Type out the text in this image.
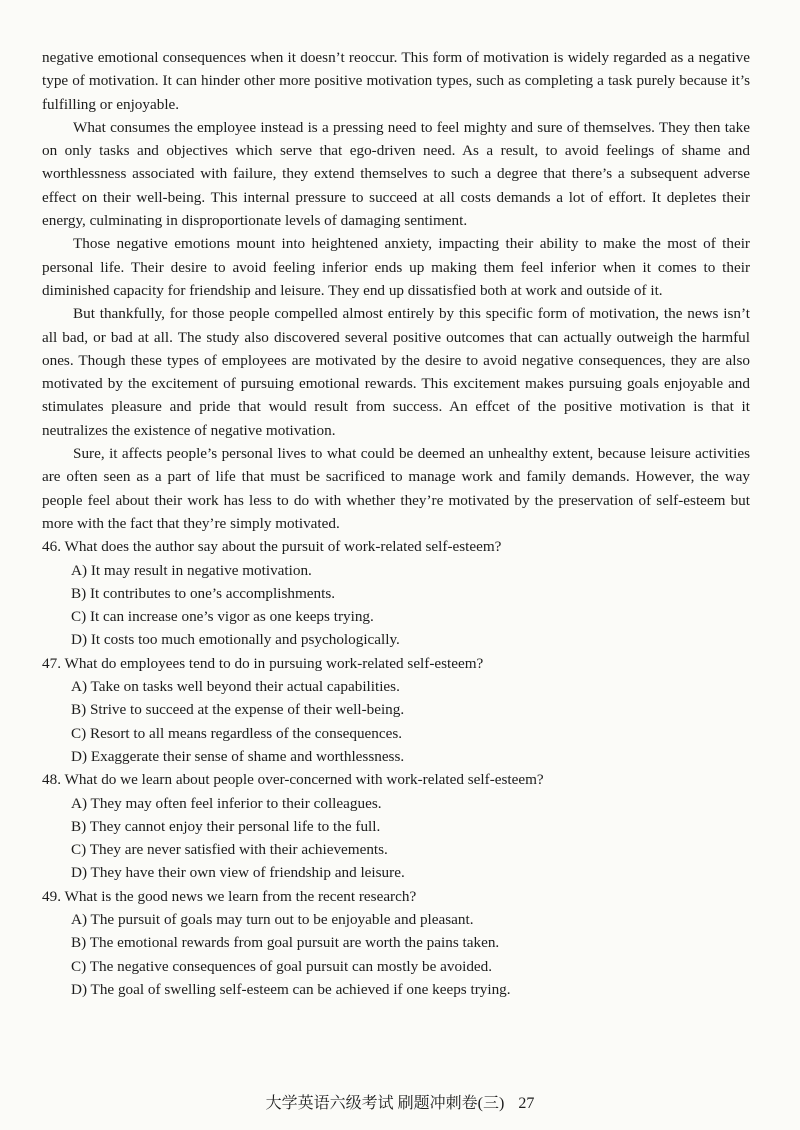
negative emotional consequences when it doesn’t reoccur. This form of motivation is widely regarded as a negative type of motivation. It can hinder other more positive motivation types, such as completing a task purely because it’s fulfilling or enjoyable.

What consumes the employee instead is a pressing need to feel mighty and sure of themselves. They then take on only tasks and objectives which serve that ego-driven need. As a result, to avoid feelings of shame and worthlessness associated with failure, they extend themselves to such a degree that there’s a subsequent adverse effect on their well-being. This internal pressure to succeed at all costs demands a lot of effort. It depletes their energy, culminating in disproportionate levels of damaging sentiment.

Those negative emotions mount into heightened anxiety, impacting their ability to make the most of their personal life. Their desire to avoid feeling inferior ends up making them feel inferior when it comes to their diminished capacity for friendship and leisure. They end up dissatisfied both at work and outside of it.

But thankfully, for those people compelled almost entirely by this specific form of motivation, the news isn’t all bad, or bad at all. The study also discovered several positive outcomes that can actually outweigh the harmful ones. Though these types of employees are motivated by the desire to avoid negative consequences, they are also motivated by the excitement of pursuing emotional rewards. This excitement makes pursuing goals enjoyable and stimulates pleasure and pride that would result from success. An effcet of the positive motivation is that it neutralizes the existence of negative motivation.

Sure, it affects people’s personal lives to what could be deemed an unhealthy extent, because leisure activities are often seen as a part of life that must be sacrificed to manage work and family demands. However, the way people feel about their work has less to do with whether they’re motivated by the preservation of self-esteem but more with the fact that they’re simply motivated.

46. What does the author say about the pursuit of work-related self-esteem?
A) It may result in negative motivation.
B) It contributes to one’s accomplishments.
C) It can increase one’s vigor as one keeps trying.
D) It costs too much emotionally and psychologically.
47. What do employees tend to do in pursuing work-related self-esteem?
A) Take on tasks well beyond their actual capabilities.
B) Strive to succeed at the expense of their well-being.
C) Resort to all means regardless of the consequences.
D) Exaggerate their sense of shame and worthlessness.
48. What do we learn about people over-concerned with work-related self-esteem?
A) They may often feel inferior to their colleagues.
B) They cannot enjoy their personal life to the full.
C) They are never satisfied with their achievements.
D) They have their own view of friendship and leisure.
49. What is the good news we learn from the recent research?
A) The pursuit of goals may turn out to be enjoyable and pleasant.
B) The emotional rewards from goal pursuit are worth the pains taken.
C) The negative consequences of goal pursuit can mostly be avoided.
D) The goal of swelling self-esteem can be achieved if one keeps trying.
大学英语六级考试 刷题冲刺卷(三) 27
